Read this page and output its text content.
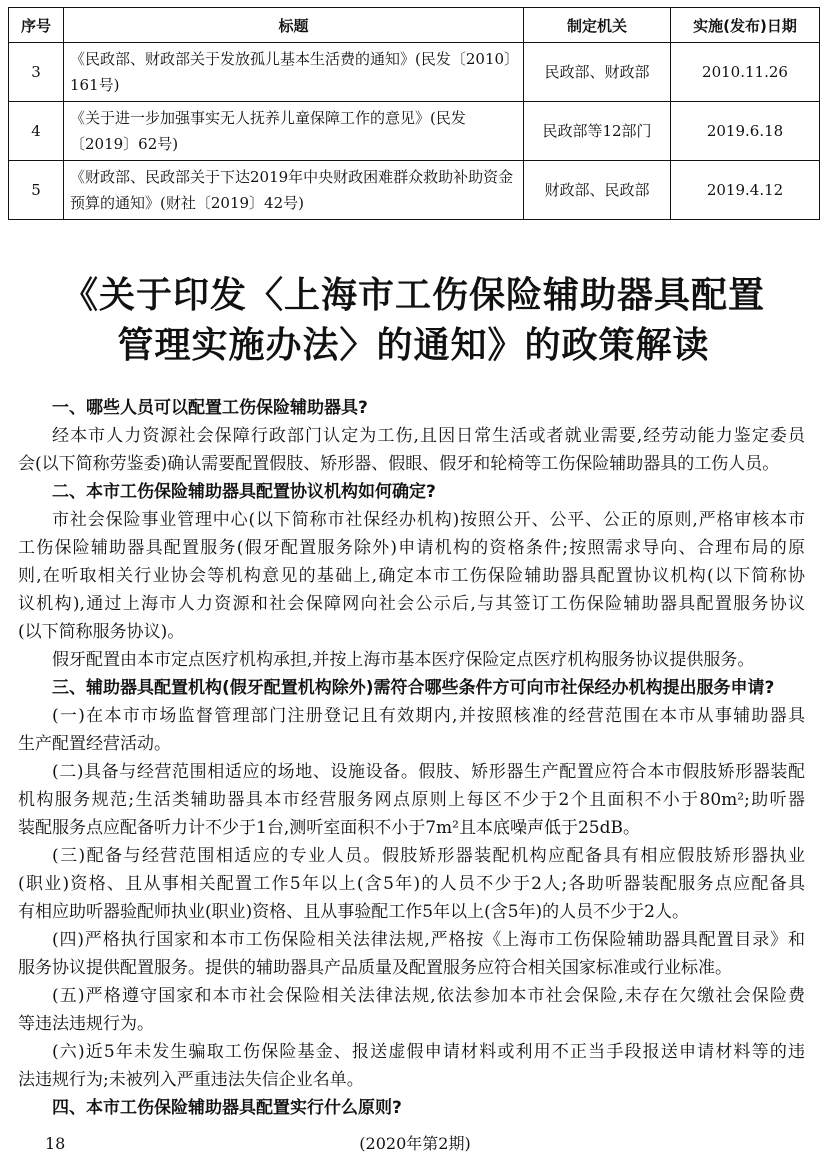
序号	标题	制定机关	实施(发布)日期
3	《民政部、财政部关于发放孤儿基本生活费的通知》(民发〔2010〕161号)	民政部、财政部	2010.11.26
4	《关于进一步加强事实无人抚养儿童保障工作的意见》(民发〔2019〕62号)	民政部等12部门	2019.6.18
5	《财政部、民政部关于下达2019年中央财政困难群众救助补助资金预算的通知》(财社〔2019〕42号)	财政部、民政部	2019.4.12
《关于印发〈上海市工伤保险辅助器具配置
管理实施办法〉的通知》的政策解读
一、哪些人员可以配置工伤保险辅助器具?
经本市人力资源社会保障行政部门认定为工伤,且因日常生活或者就业需要,经劳动能力鉴定委员
会(以下简称劳鉴委)确认需要配置假肢、矫形器、假眼、假牙和轮椅等工伤保险辅助器具的工伤人员。
二、本市工伤保险辅助器具配置协议机构如何确定?
市社会保险事业管理中心(以下简称市社保经办机构)按照公开、公平、公正的原则,严格审核本市
工伤保险辅助器具配置服务(假牙配置服务除外)申请机构的资格条件;按照需求导向、合理布局的原
则,在听取相关行业协会等机构意见的基础上,确定本市工伤保险辅助器具配置协议机构(以下简称协
议机构),通过上海市人力资源和社会保障网向社会公示后,与其签订工伤保险辅助器具配置服务协议
(以下简称服务协议)。
假牙配置由本市定点医疗机构承担,并按上海市基本医疗保险定点医疗机构服务协议提供服务。
三、辅助器具配置机构(假牙配置机构除外)需符合哪些条件方可向市社保经办机构提出服务申请?
(一)在本市市场监督管理部门注册登记且有效期内,并按照核准的经营范围在本市从事辅助器具
生产配置经营活动。
(二)具备与经营范围相适应的场地、设施设备。假肢、矫形器生产配置应符合本市假肢矫形器装配
机构服务规范;生活类辅助器具本市经营服务网点原则上每区不少于2个且面积不小于80m²;助听器
装配服务点应配备听力计不少于1台,测听室面积不小于7m²且本底噪声低于25dB。
(三)配备与经营范围相适应的专业人员。假肢矫形器装配机构应配备具有相应假肢矫形器执业
(职业)资格、且从事相关配置工作5年以上(含5年)的人员不少于2人;各助听器装配服务点应配备具
有相应助听器验配师执业(职业)资格、且从事验配工作5年以上(含5年)的人员不少于2人。
(四)严格执行国家和本市工伤保险相关法律法规,严格按《上海市工伤保险辅助器具配置目录》和
服务协议提供配置服务。提供的辅助器具产品质量及配置服务应符合相关国家标准或行业标准。
(五)严格遵守国家和本市社会保险相关法律法规,依法参加本市社会保险,未存在欠缴社会保险费
等违法违规行为。
(六)近5年未发生骗取工伤保险基金、报送虚假申请材料或利用不正当手段报送申请材料等的违
法违规行为;未被列入严重违法失信企业名单。
四、本市工伤保险辅助器具配置实行什么原则?
18	(2020年第2期)
